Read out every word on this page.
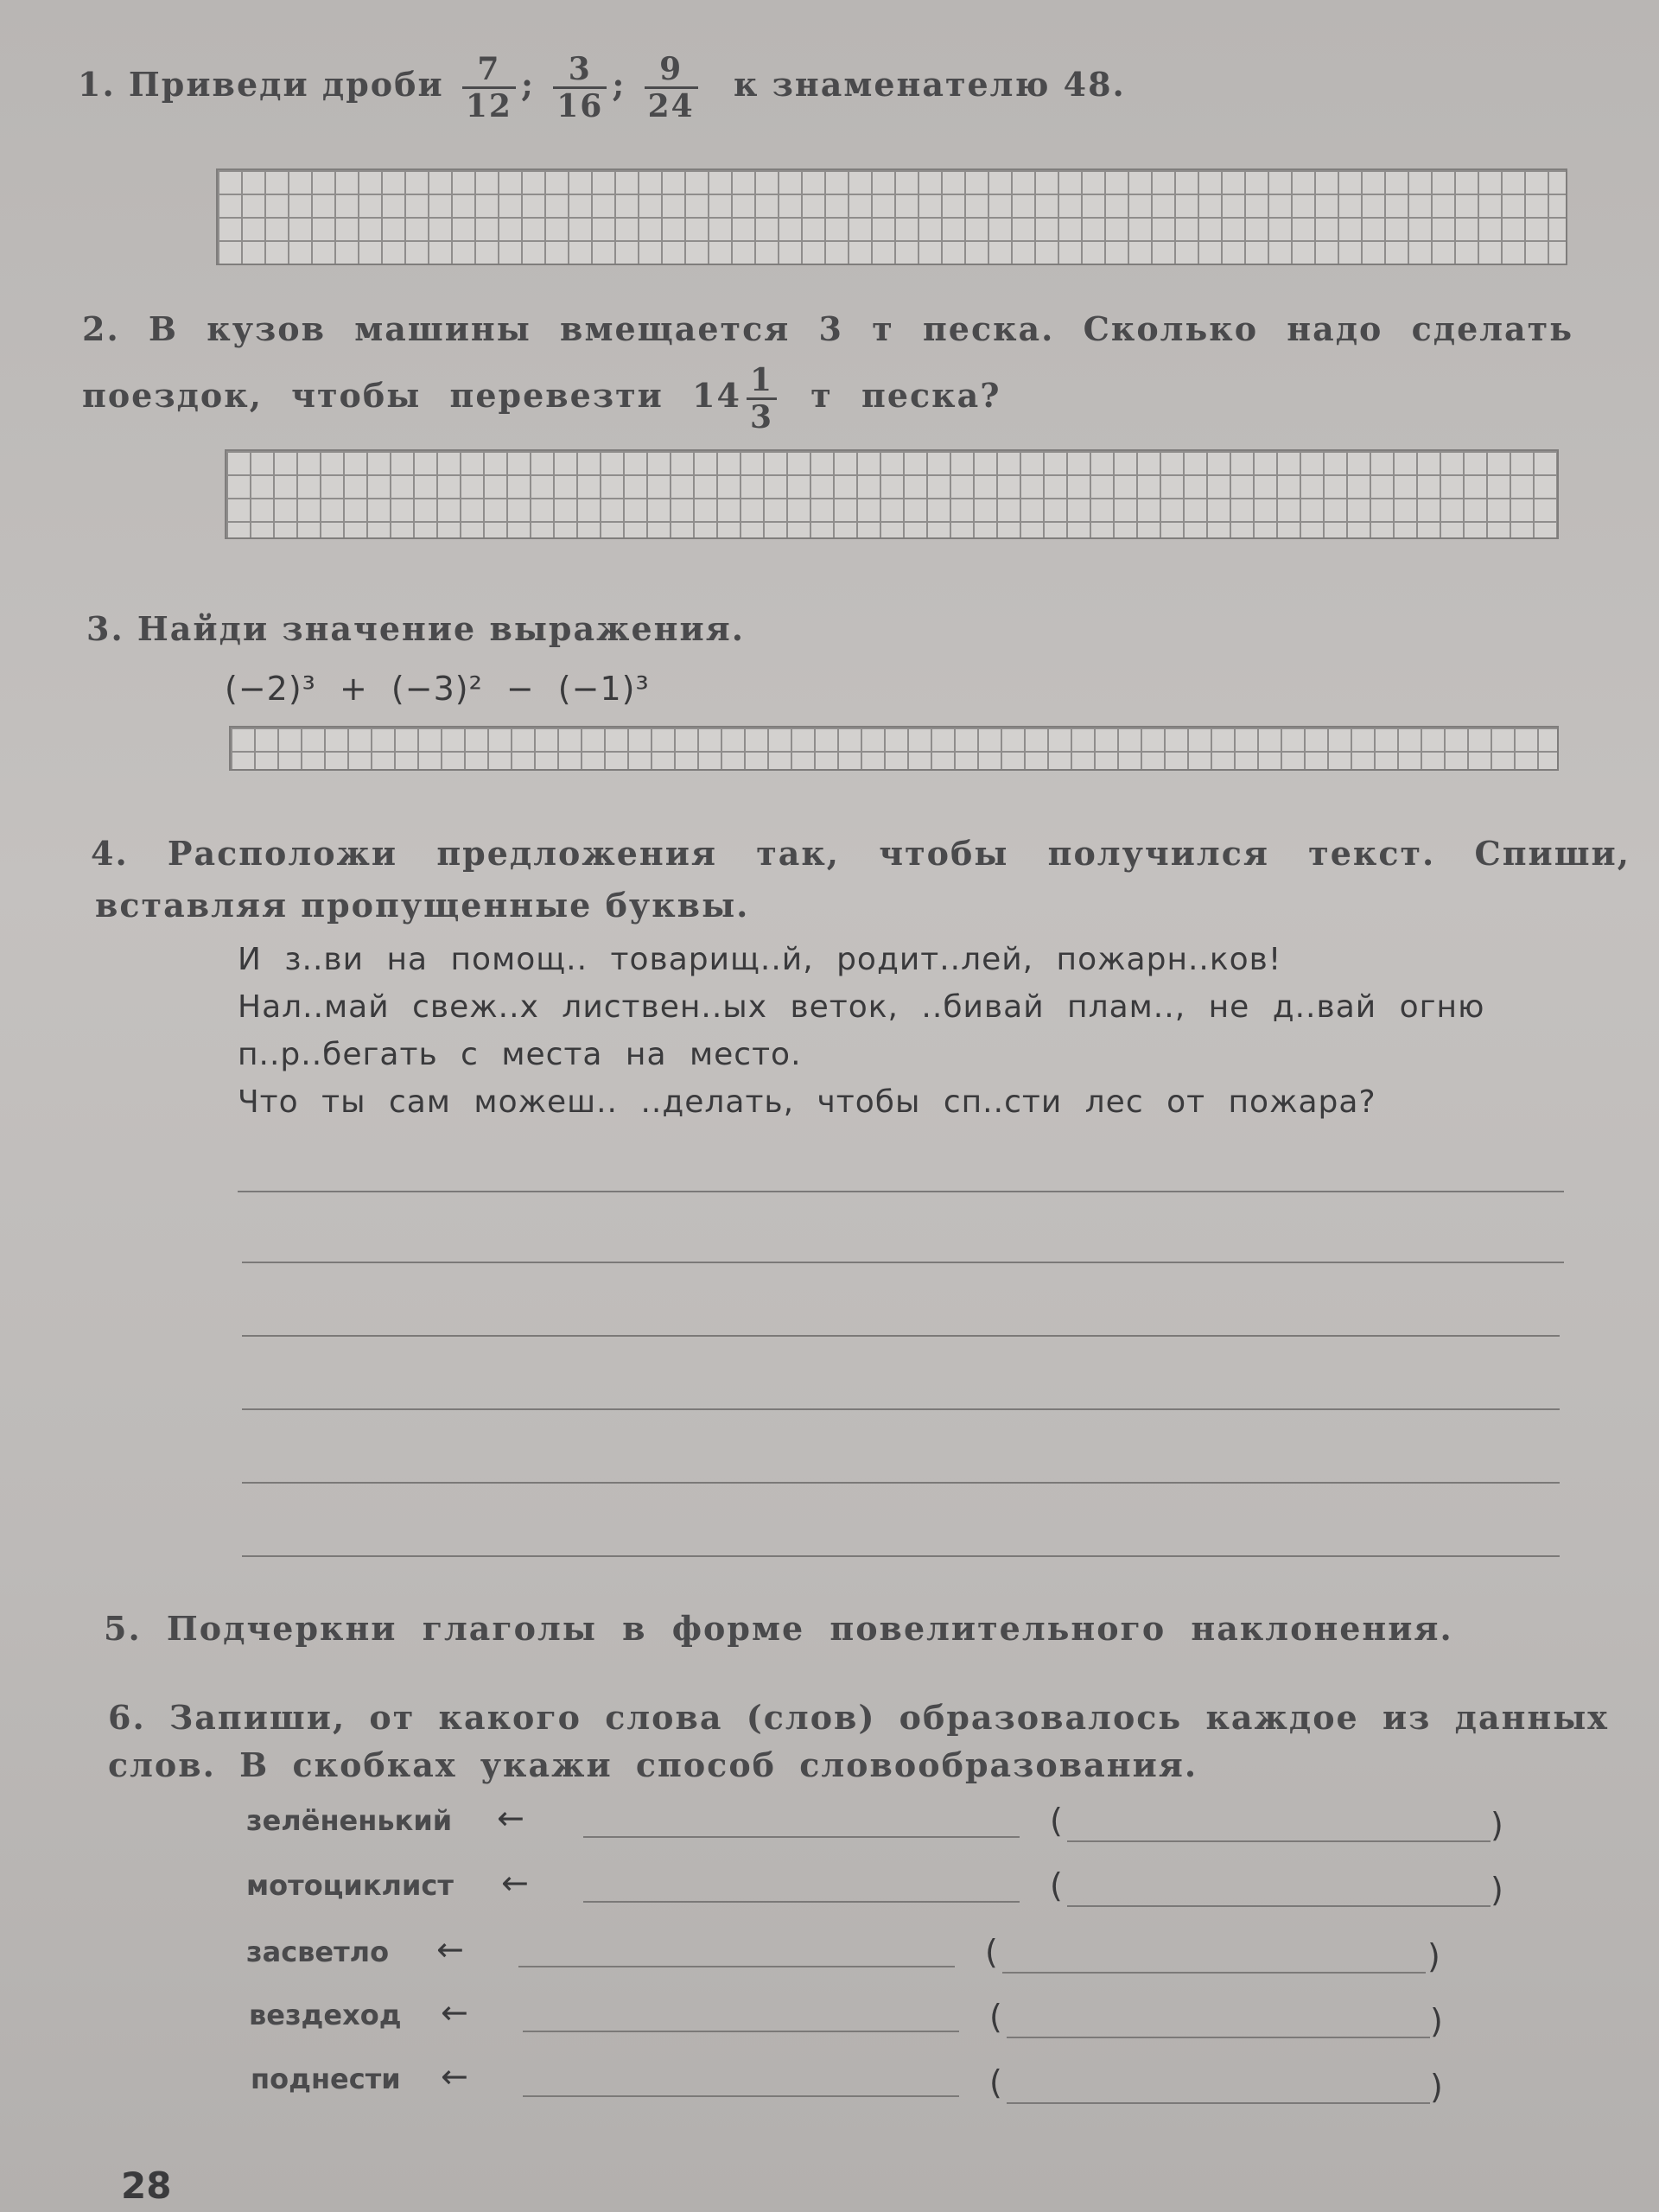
1. Приведи дроби $\frac{7}{12}$ ; $\frac{3}{16}$ ; $\frac{9}{24}$ к знаменателю 48.
2. В кузов машины вмещается 3 т песка. Сколько надо сделать
поездок, чтобы перевезти $14 \frac{1}{3}$ т песка?
3. Найди значение выражения.
(−2)³ + (−3)² − (−1)³
4. Расположи предложения так, чтобы получился текст. Спиши,
вставляя пропущенные буквы.
И з..ви на помощ.. товарищ..й, родит..лей, пожарн..ков!
Нал..май свеж..х листвен..ых веток, ..бивай плам.., не д..вай огню
п..р..бегать с места на место.
Что ты сам можеш.. ..делать, чтобы сп..сти лес от пожара?
5. Подчеркни глаголы в форме повелительного наклонения.
6. Запиши, от какого слова (слов) образовалось каждое из данных
слов. В скобках укажи способ словообразования.
зелёненький ←	(	)
мотоциклист ←	(	)
засветло ←	(	)
вездеход ←	(	)
поднести ←	(	)
28
